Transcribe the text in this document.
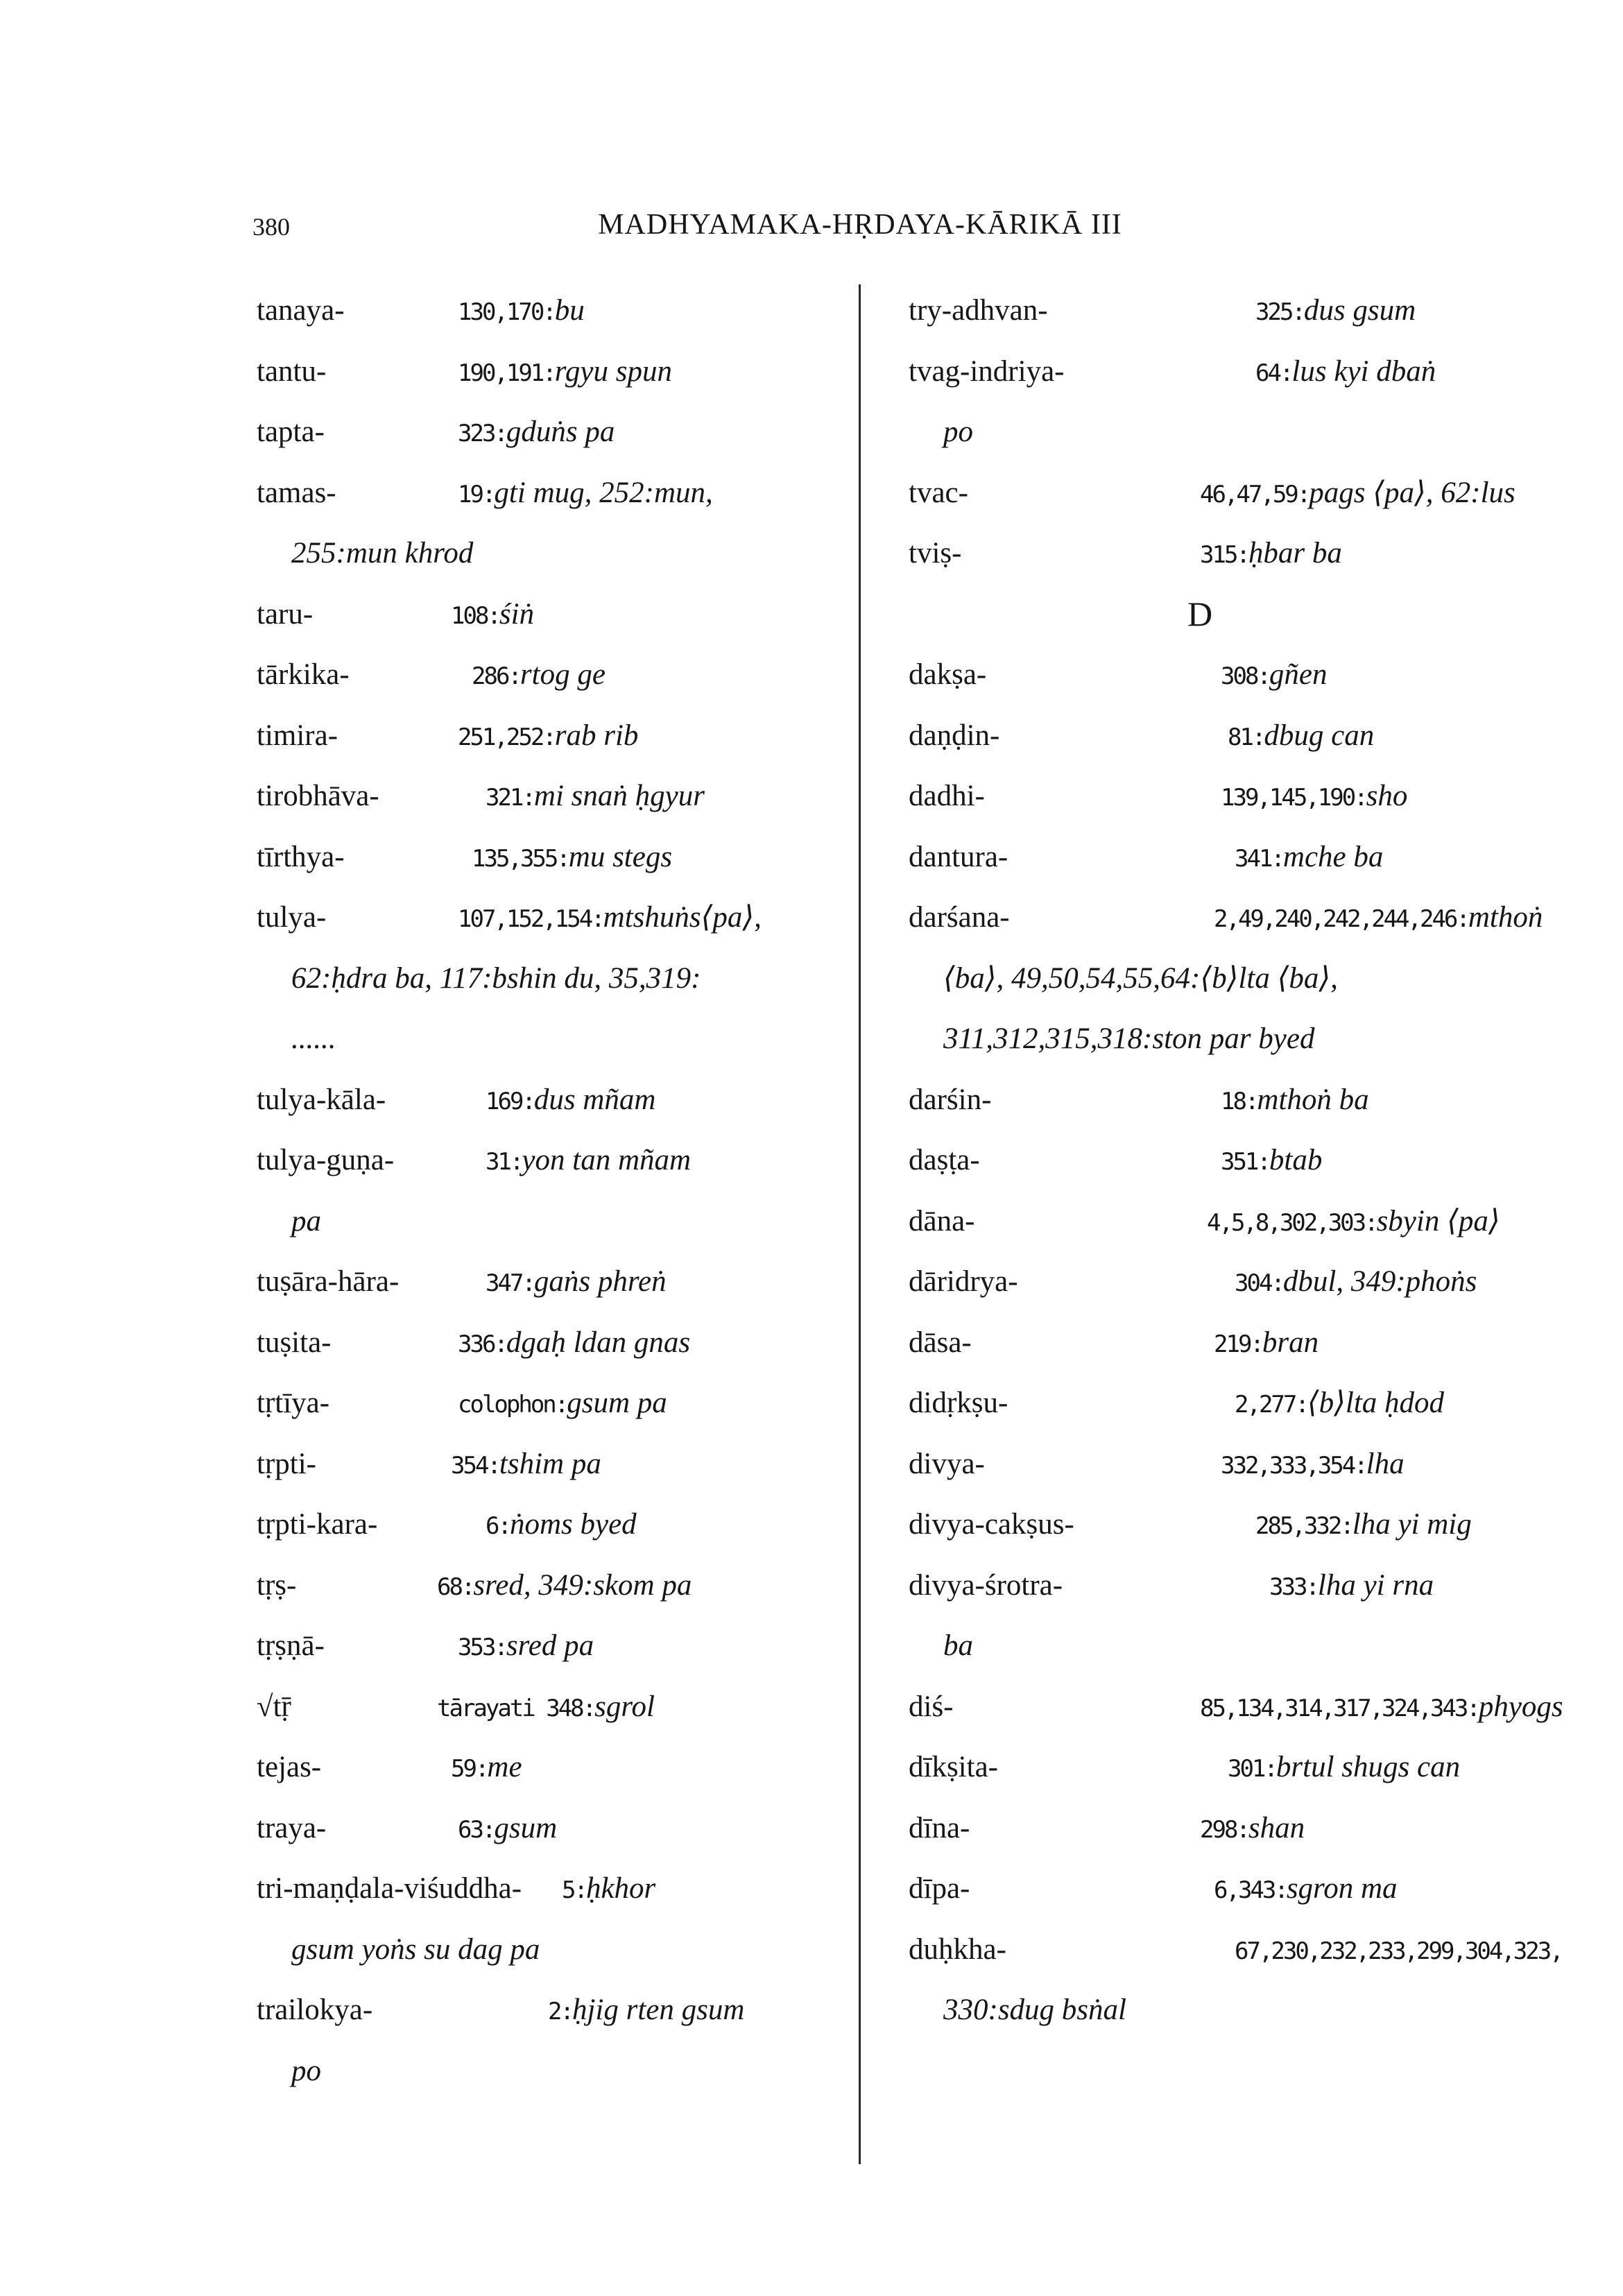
380	MADHYAMAKA-HṚDAYA-KĀRIKĀ III
tanaya-	130,170:bu
tantu-	190,191:rgyu spun
tapta-	323:gduṅs pa
tamas-	19:gti mug, 252:mun,
255:mun khrod
taru-	108:śiṅ
tārkika-	286:rtog ge
timira-	251,252:rab rib
tirobhāva-	321:mi snaṅ ḥgyur
tīrthya-	135,355:mu stegs
tulya-	107,152,154:mtshuṅs⟨pa⟩,
62:ḥdra ba, 117:bshin du, 35,319:
......
tulya-kāla-	169:dus mñam
tulya-guṇa-	31:yon tan mñam
pa
tuṣāra-hāra-	347:gaṅs phreṅ
tuṣita-	336:dgaḥ ldan gnas
tṛtīya-	colophon:gsum pa
tṛpti-	354:tshim pa
tṛpti-kara-	6:ṅoms byed
tṛṣ-	68:sred, 349:skom pa
tṛṣṇā-	353:sred pa
√tṝ	tārayati 348:sgrol
tejas-	59:me
traya-	63:gsum
tri-maṇḍala-viśuddha- 5:ḥkhor
gsum yoṅs su dag pa
trailokya-	2:ḥjig rten gsum
po
try-adhvan-	325:dus gsum
tvag-indriya-	64:lus kyi dbaṅ
po
tvac-	46,47,59:pags ⟨pa⟩, 62:lus
tviṣ-	315:ḥbar ba
D
dakṣa-	308:gñen
daṇḍin-	81:dbug can
dadhi-	139,145,190:sho
dantura-	341:mche ba
darśana-	2,49,240,242,244,246:mthoṅ
⟨ba⟩, 49,50,54,55,64:⟨b⟩lta ⟨ba⟩,
311,312,315,318:ston par byed
darśin-	18:mthoṅ ba
daṣṭa-	351:btab
dāna-	4,5,8,302,303:sbyin ⟨pa⟩
dāridrya-	304:dbul, 349:phoṅs
dāsa-	219:bran
didṛkṣu-	2,277:⟨b⟩lta ḥdod
divya-	332,333,354:lha
divya-cakṣus-	285,332:lha yi mig
divya-śrotra-	333:lha yi rna
ba
diś-	85,134,314,317,324,343:phyogs
dīkṣita-	301:brtul shugs can
dīna-	298:shan
dīpa-	6,343:sgron ma
duḥkha-	67,230,232,233,299,304,323,
330:sdug bsṅal
